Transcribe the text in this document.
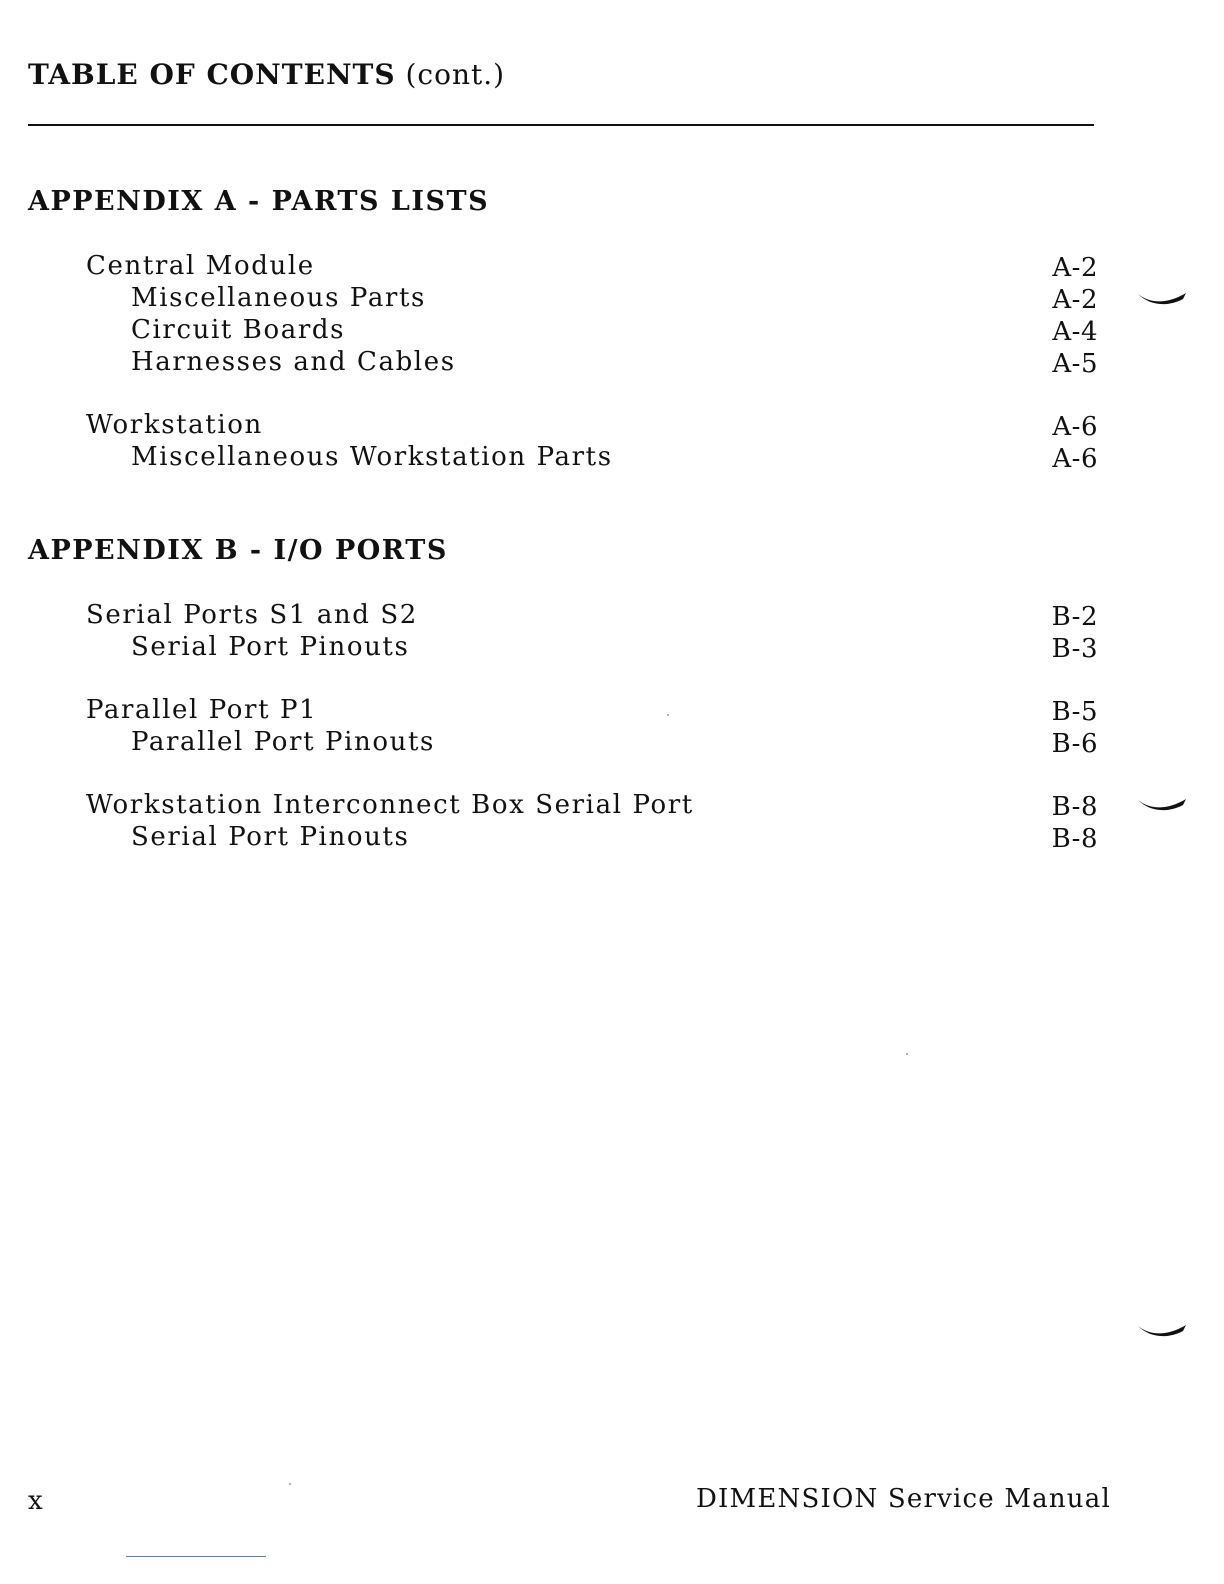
TABLE OF CONTENTS (cont.)
APPENDIX A - PARTS LISTS
Central Module	A-2
Miscellaneous Parts	A-2
Circuit Boards	A-4
Harnesses and Cables	A-5
Workstation	A-6
Miscellaneous Workstation Parts	A-6
APPENDIX B - I/O PORTS
Serial Ports S1 and S2	B-2
Serial Port Pinouts	B-3
Parallel Port P1	B-5
Parallel Port Pinouts	B-6
Workstation Interconnect Box Serial Port	B-8
Serial Port Pinouts	B-8
x	DIMENSION Service Manual
